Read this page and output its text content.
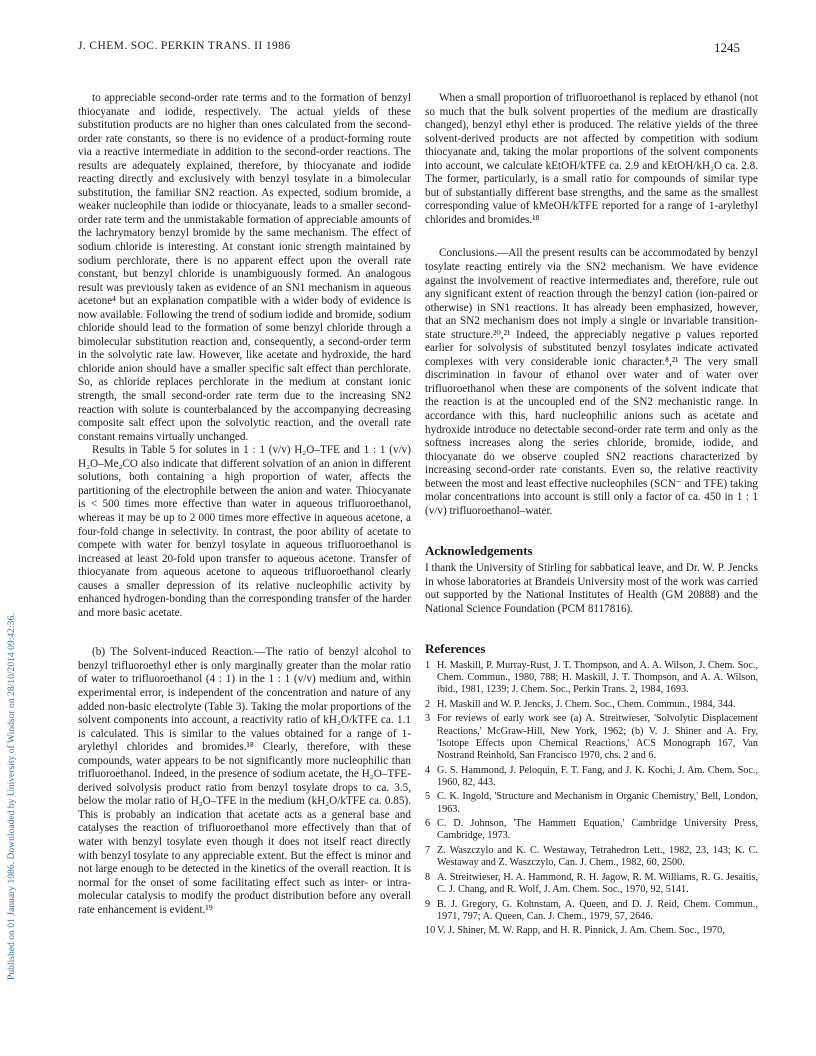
J. CHEM. SOC. PERKIN TRANS. II 1986	1245
Published on 01 January 1986. Downloaded by University of Windsor on 28/10/2014 09:42:36.

to appreciable second-order rate terms and to the formation of benzyl thiocyanate and iodide, respectively. The actual yields of these substitution products are no higher than ones calculated from the second-order rate constants, so there is no evidence of a product-forming route via a reactive intermediate in addition to the second-order reactions. The results are adequately explained, therefore, by thiocyanate and iodide reacting directly and exclusively with benzyl tosylate in a bimolecular substitution, the familiar SN2 reaction. As expected, sodium bromide, a weaker nucleophile than iodide or thiocyanate, leads to a smaller second-order rate term and the unmistakable formation of appreciable amounts of the lachrymatory benzyl bromide by the same mechanism. The effect of sodium chloride is interesting. At constant ionic strength maintained by sodium perchlorate, there is no apparent effect upon the overall rate constant, but benzyl chloride is unambiguously formed. An analogous result was previously taken as evidence of an SN1 mechanism in aqueous acetone⁴ but an explanation compatible with a wider body of evidence is now available. Following the trend of sodium iodide and bromide, sodium chloride should lead to the formation of some benzyl chloride through a bimolecular substitution reaction and, consequently, a second-order term in the solvolytic rate law. However, like acetate and hydroxide, the hard chloride anion should have a smaller specific salt effect than perchlorate. So, as chloride replaces perchlorate in the medium at constant ionic strength, the small second-order rate term due to the increasing SN2 reaction with solute is counterbalanced by the accompanying decreasing composite salt effect upon the solvolytic reaction, and the overall rate constant remains virtually unchanged.

Results in Table 5 for solutes in 1 : 1 (v/v) H₂O–TFE and 1 : 1 (v/v) H₂O–Me₂CO also indicate that different solvation of an anion in different solutions, both containing a high proportion of water, affects the partitioning of the electrophile between the anion and water. Thiocyanate is < 500 times more effective than water in aqueous trifluoroethanol, whereas it may be up to 2 000 times more effective in aqueous acetone, a four-fold change in selectivity. In contrast, the poor ability of acetate to compete with water for benzyl tosylate in aqueous trifluoroethanol is increased at least 20-fold upon transfer to aqueous acetone. Transfer of thiocyanate from aqueous acetone to aqueous trifluoroethanol clearly causes a smaller depression of its relative nucleophilic activity by enhanced hydrogen-bonding than the corresponding transfer of the harder and more basic acetate.

(b) The Solvent-induced Reaction.—The ratio of benzyl alcohol to benzyl trifluoroethyl ether is only marginally greater than the molar ratio of water to trifluoroethanol (4 : 1) in the 1 : 1 (v/v) medium and, within experimental error, is independent of the concentration and nature of any added non-basic electrolyte (Table 3). Taking the molar proportions of the solvent components into account, a reactivity ratio of kH₂O/kTFE ca. 1.1 is calculated. This is similar to the values obtained for a range of 1-arylethyl chlorides and bromides.¹⁸ Clearly, therefore, with these compounds, water appears to be not significantly more nucleophilic than trifluoroethanol. Indeed, in the presence of sodium acetate, the H₂O–TFE-derived solvolysis product ratio from benzyl tosylate drops to ca. 3.5, below the molar ratio of H₂O–TFE in the medium (kH₂O/kTFE ca. 0.85). This is probably an indication that acetate acts as a general base and catalyses the reaction of trifluoroethanol more effectively than that of water with benzyl tosylate even though it does not itself react directly with benzyl tosylate to any appreciable extent. But the effect is minor and not large enough to be detected in the kinetics of the overall reaction. It is normal for the onset of some facilitating effect such as inter- or intra-molecular catalysis to modify the product distribution before any overall rate enhancement is evident.¹⁹

When a small proportion of trifluoroethanol is replaced by ethanol (not so much that the bulk solvent properties of the medium are drastically changed), benzyl ethyl ether is produced. The relative yields of the three solvent-derived products are not affected by competition with sodium thiocyanate and, taking the molar proportions of the solvent components into account, we calculate kEtOH/kTFE ca. 2.9 and kEtOH/kH₂O ca. 2.8. The former, particularly, is a small ratio for compounds of similar type but of substantially different base strengths, and the same as the smallest corresponding value of kMeOH/kTFE reported for a range of 1-arylethyl chlorides and bromides.¹⁸

Conclusions.—All the present results can be accommodated by benzyl tosylate reacting entirely via the SN2 mechanism. We have evidence against the involvement of reactive intermediates and, therefore, rule out any significant extent of reaction through the benzyl cation (ion-paired or otherwise) in SN1 reactions. It has already been emphasized, however, that an SN2 mechanism does not imply a single or invariable transition-state structure.²⁰,²¹ Indeed, the appreciably negative ρ values reported earlier for solvolysis of substituted benzyl tosylates indicate activated complexes with very considerable ionic character.⁸,²¹ The very small discrimination in favour of ethanol over water and of water over trifluoroethanol when these are components of the solvent indicate that the reaction is at the uncoupled end of the SN2 mechanistic range. In accordance with this, hard nucleophilic anions such as acetate and hydroxide introduce no detectable second-order rate term and only as the softness increases along the series chloride, bromide, iodide, and thiocyanate do we observe coupled SN2 reactions characterized by increasing second-order rate constants. Even so, the relative reactivity between the most and least effective nucleophiles (SCN⁻ and TFE) taking molar concentrations into account is still only a factor of ca. 450 in 1 : 1 (v/v) trifluoroethanol–water.

Acknowledgements

I thank the University of Stirling for sabbatical leave, and Dr. W. P. Jencks in whose laboratories at Brandeis University most of the work was carried out supported by the National Institutes of Health (GM 20888) and the National Science Foundation (PCM 8117816).

References
1 H. Maskill, P. Murray-Rust, J. T. Thompson, and A. A. Wilson, J. Chem. Soc., Chem. Commun., 1980, 788; H. Maskill, J. T. Thompson, and A. A. Wilson, ibid., 1981, 1239; J. Chem. Soc., Perkin Trans. 2, 1984, 1693.
2 H. Maskill and W. P. Jencks, J. Chem. Soc., Chem. Commun., 1984, 344.
3 For reviews of early work see (a) A. Streitwieser, 'Solvolytic Displacement Reactions,' McGraw-Hill, New York, 1962; (b) V. J. Shiner and A. Fry, 'Isotope Effects upon Chemical Reactions,' ACS Monograph 167, Van Nostrand Reinhold, San Francisco 1970, chs. 2 and 6.
4 G. S. Hammond, J. Peloquin, F. T. Fang, and J. K. Kochi, J. Am. Chem. Soc., 1960, 82, 443.
5 C. K. Ingold, 'Structure and Mechanism in Organic Chemistry,' Bell, London, 1963.
6 C. D. Johnson, 'The Hammett Equation,' Cambridge University Press, Cambridge, 1973.
7 Z. Waszczylo and K. C. Westaway, Tetrahedron Lett., 1982, 23, 143; K. C. Westaway and Z. Waszczylo, Can. J. Chem., 1982, 60, 2500.
8 A. Streitwieser, H. A. Hammond, R. H. Jagow, R. M. Williams, R. G. Jesaitis, C. J. Chang, and R. Wolf, J. Am. Chem. Soc., 1970, 92, 5141.
9 B. J. Gregory, G. Kohnstam, A. Queen, and D. J. Reid, Chem. Commun., 1971, 797; A. Queen, Can. J. Chem., 1979, 57, 2646.
10 V. J. Shiner, M. W. Rapp, and H. R. Pinnick, J. Am. Chem. Soc., 1970,
